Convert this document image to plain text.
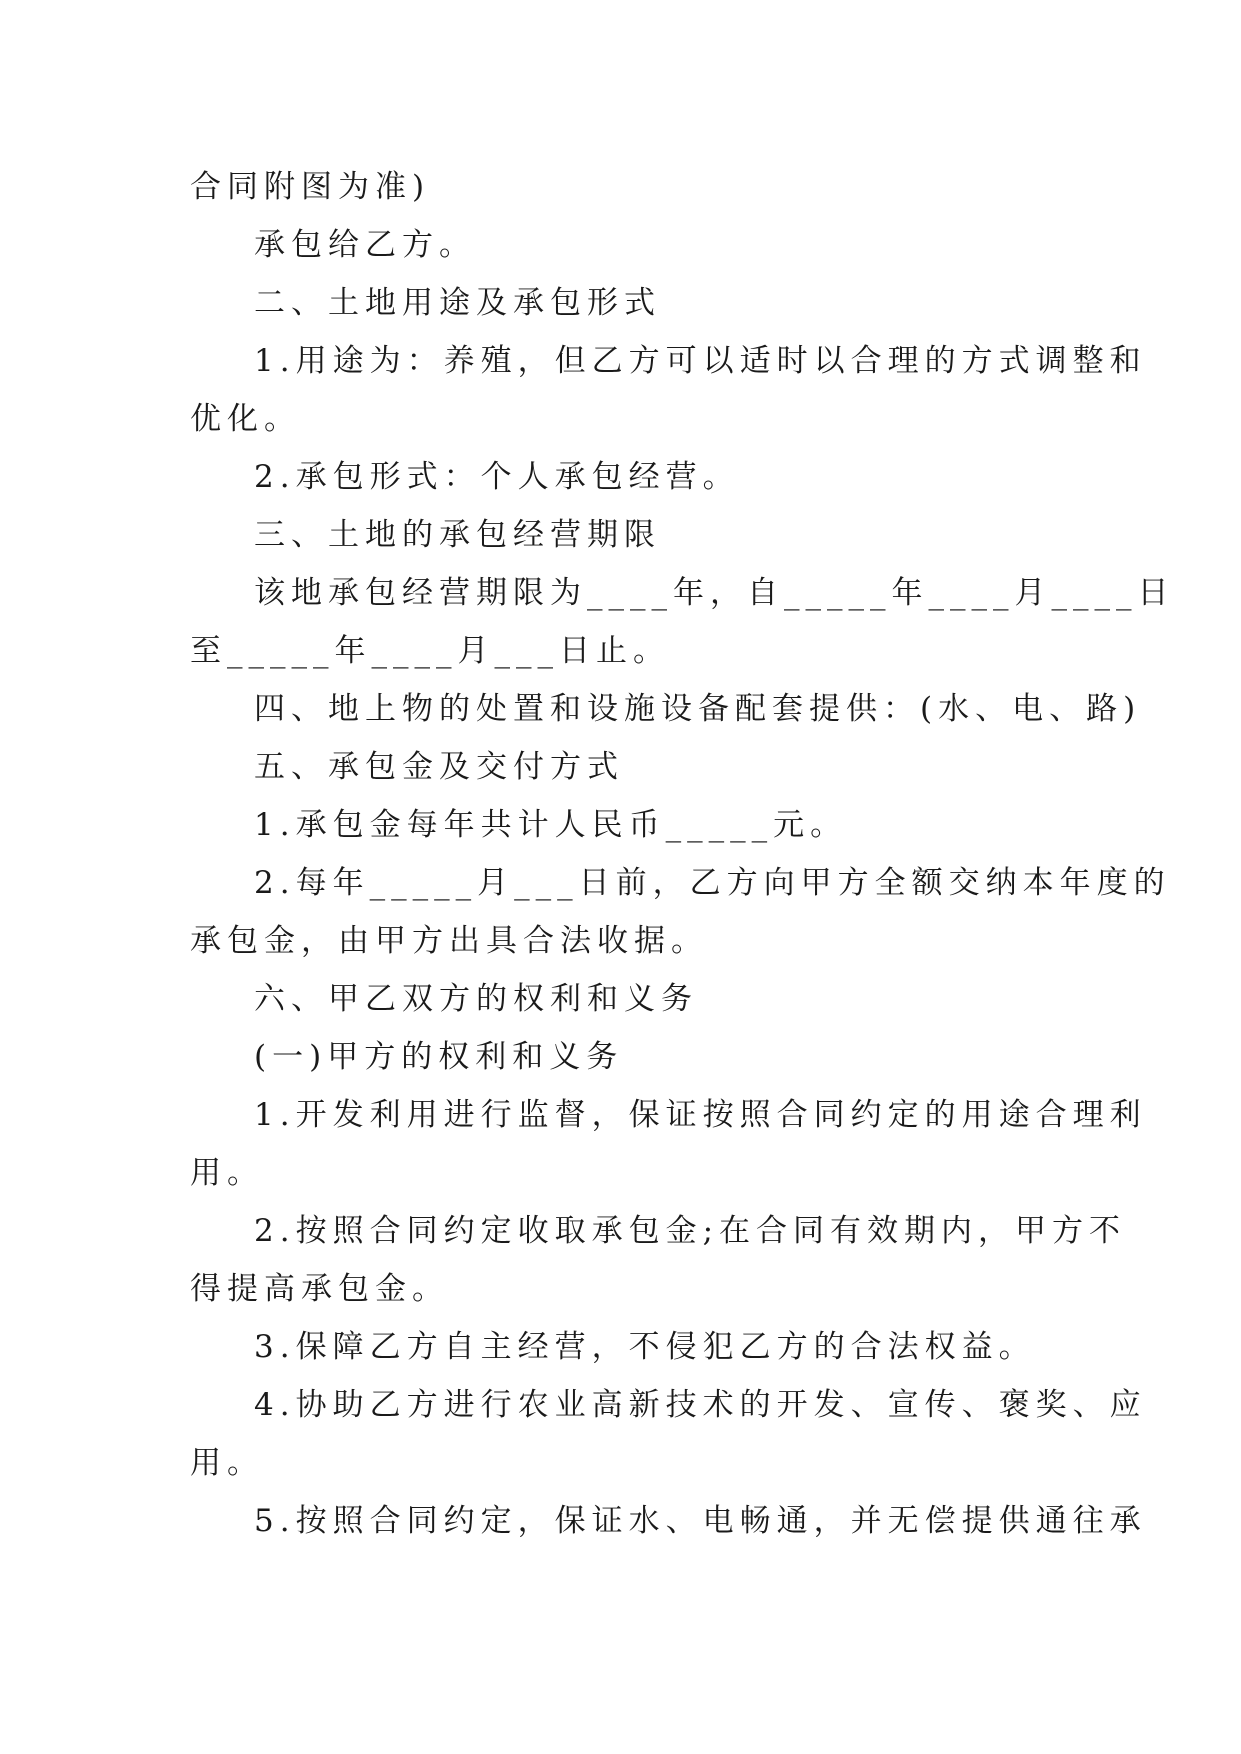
合同附图为准)
承包给乙方。
二、土地用途及承包形式
1.用途为：养殖，但乙方可以适时以合理的方式调整和
优化。
2.承包形式：个人承包经营。
三、土地的承包经营期限
该地承包经营期限为____年，自_____年____月____日
至_____年____月___日止。
四、地上物的处置和设施设备配套提供：(水、电、路)
五、承包金及交付方式
1.承包金每年共计人民币_____元。
2.每年_____月___日前，乙方向甲方全额交纳本年度的
承包金，由甲方出具合法收据。
六、甲乙双方的权利和义务
(一)甲方的权利和义务
1.开发利用进行监督，保证按照合同约定的用途合理利
用。
2.按照合同约定收取承包金;在合同有效期内，甲方不
得提高承包金。
3.保障乙方自主经营，不侵犯乙方的合法权益。
4.协助乙方进行农业高新技术的开发、宣传、褒奖、应
用。
5.按照合同约定，保证水、电畅通，并无偿提供通往承
